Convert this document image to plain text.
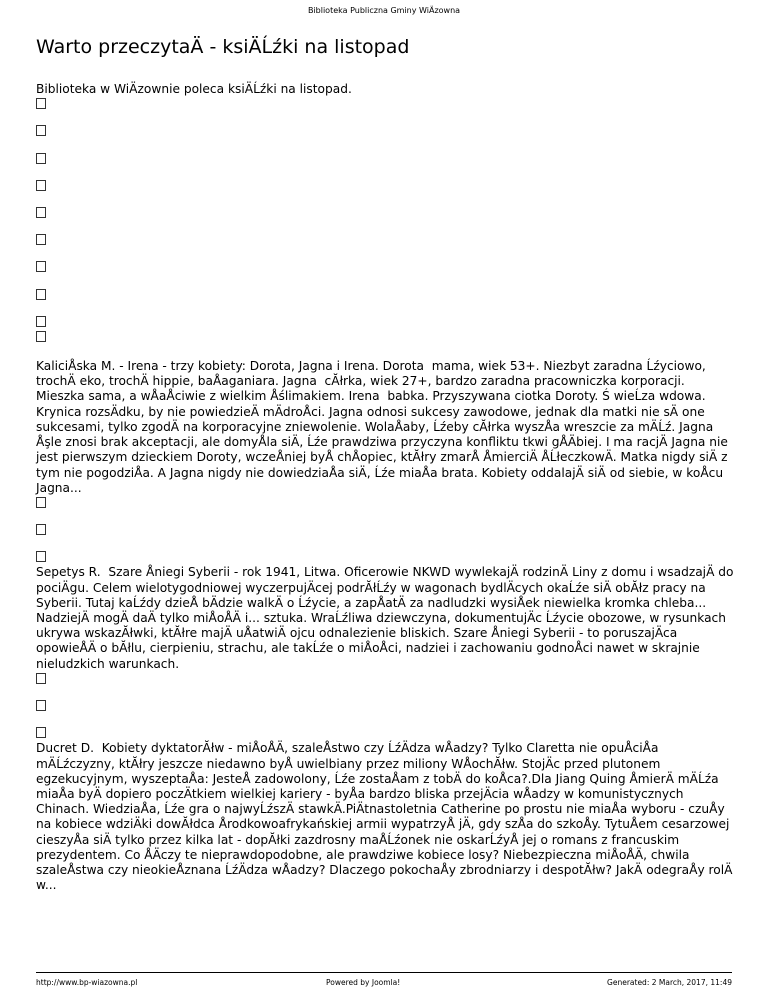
Biblioteka Publiczna Gminy WiÄzowna
Warto przeczytaÄ - ksiÄĹźki na listopad

Biblioteka w WiÄzownie poleca ksiÄĹźki na listopad.

KaliciÅska M. - Irena - trzy kobiety: Dorota, Jagna i Irena. Dorota  mama, wiek 53+. Niezbyt zaradna Ĺźyciowo, trochÄ eko, trochÄ hippie, baÅaganiara. Jagna  cĂłrka, wiek 27+, bardzo zaradna pracowniczka korporacji. Mieszka sama, a wÅaÅciwie z wielkim Åślimakiem. Irena  babka. Przyszywana ciotka Doroty. Ś wieĹza wdowa. Krynica rozsÄdku, by nie powiedzieÄ mÄdroÅci. Jagna odnosi sukcesy zawodowe, jednak dla matki nie sÄ one sukcesami, tylko zgodÄ na korporacyjne zniewolenie. WolaÅaby, Ĺźeby cĂłrka wyszÅa wreszcie za mÄĹź. Jagna Åşle znosi brak akceptacji, ale domyÅla siÄ, Ĺźe prawdziwa przyczyna konfliktu tkwi gÅÄbiej. I ma racjÄ Jagna nie jest pierwszym dzieckiem Doroty, wczeÅniej byÅ chÅopiec, ktĂłry zmarÅ ÅmierciÄ ÅĹłeczkowÄ. Matka nigdy siÄ z tym nie pogodziÅa. A Jagna nigdy nie dowiedziaÅa siÄ, Ĺźe miaÅa brata. Kobiety oddalajÄ siÄ od siebie, w koÅcu Jagna...

Sepetys R.  Szare Åniegi Syberii - rok 1941, Litwa. Oficerowie NKWD wywlekajÄ rodzinÄ Liny z domu i wsadzajÄ do pociÄgu. Celem wielotygodniowej wyczerpujÄcej podrĂłĹźy w wagonach bydlÄcych okaĹźe siÄ obĂłz pracy na Syberii. Tutaj kaĹźdy dzieÅ bÄdzie walkÄ o Ĺźycie, a zapÅatÄ za nadludzki wysiÅek niewielka kromka chleba... NadziejÄ mogÄ daÄ tylko miÅoÅÄ i... sztuka. WraĹźliwa dziewczyna, dokumentujÄc Ĺźycie obozowe, w rysunkach ukrywa wskazĂłwki, ktĂłre majÄ uÅatwiÄ ojcu odnalezienie bliskich. Szare Åniegi Syberii - to poruszajÄca opowieÅÄ o bĂłlu, cierpieniu, strachu, ale takĹźe o miÅoÅci, nadziei i zachowaniu godnoÅci nawet w skrajnie nieludzkich warunkach.

Ducret D.  Kobiety dyktatorĂłw - miÅoÅÄ, szaleÅstwo czy ĹźÄdza wÅadzy? Tylko Claretta nie opuÅciÅa mÄĹźczyzny, ktĂłry jeszcze niedawno byÅ uwielbiany przez miliony WÅochĂłw. StojÄc przed plutonem egzekucyjnym, wyszeptaÅa: JesteÅ zadowolony, Ĺźe zostaÅam z tobÄ do koÅca?.Dla Jiang Quing ÅmierÄ mÄĹźa miaÅa byÄ dopiero poczÄtkiem wielkiej kariery - byÅa bardzo bliska przejÄcia wÅadzy w komunistycznych Chinach. WiedziaÅa, Ĺźe gra o najwyĹźszÄ stawkÄ.PiÄtnastoletnia Catherine po prostu nie miaÅa wyboru - czuÅy na kobiece wdziÄki dowĂłdca Årodkowoafrykańskiej armii wypatrzyÅ jÄ, gdy szÅa do szkoÅy. TytuÅem cesarzowej cieszyÅa siÄ tylko przez kilka lat - dopĂłki zazdrosny maÅĹźonek nie oskarĹźyÅ jej o romans z francuskim prezydentem. Co ÅÄczy te nieprawdopodobne, ale prawdziwe kobiece losy? Niebezpieczna miÅoÅÄ, chwila szaleÅstwa czy nieokieÅznana ĹźÄdza wÅadzy? Dlaczego pokochaÅy zbrodniarzy i despotĂłw? JakÄ odegraÅy rolÄ w...

http://www.bp-wiazowna.pl	Powered by Joomla!	Generated: 2 March, 2017, 11:49
